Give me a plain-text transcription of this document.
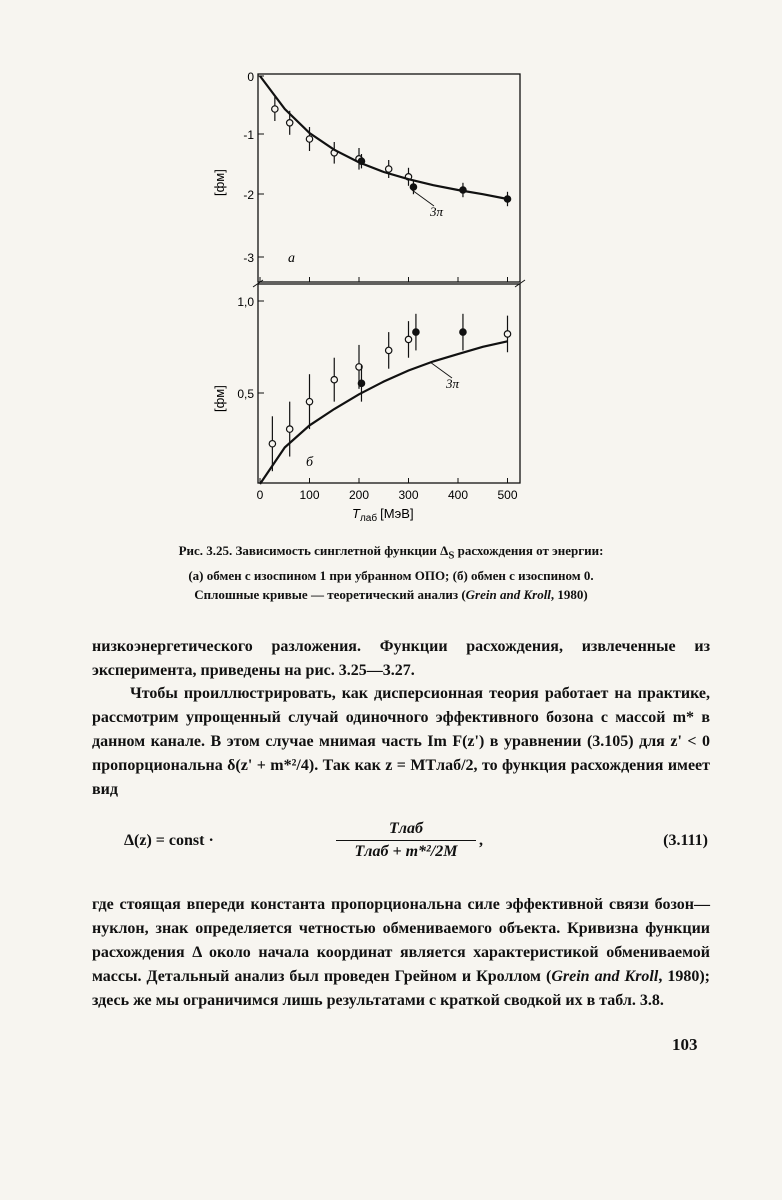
0
-1
-2
-3
1,0
0,5
0	100 200 300 400 500
a
б
3π
3π
[фм]
[фм]
$T_{лаб}$ [МэВ]
Рис. 3.25. Зависимость синглетной функции $\Delta_S$ расхождения от энергии:
(а) обмен с изоспином 1 при убранном ОПО; (б) обмен с изоспином 0.
Сплошные кривые — теоретический анализ (Grein and Kroll, 1980)
низкоэнергетического разложения. Функции расхождения, извлеченные из эксперимента, приведены на рис. 3.25—3.27.
Чтобы проиллюстрировать, как дисперсионная теория работает на практике, рассмотрим упрощенный случай одиночного эффективного бозона с массой m* в данном канале. В этом случае мнимая часть Im F(z') в уравнении (3.105) для z' < 0 пропорциональна δ(z' + m*²/4). Так как z = MTлаб/2, то функция расхождения имеет вид
Δ(z) = const ·
Tлаб
Tлаб + m*²/2M
,	(3.111)
где стоящая впереди константа пропорциональна силе эффективной связи бозон—нуклон, знак определяется четностью обмениваемого объекта. Кривизна функции расхождения Δ около начала координат является характеристикой обмениваемой массы. Детальный анализ был проведен Грейном и Кроллом (Grein and Kroll, 1980); здесь же мы ограничимся лишь результатами с краткой сводкой их в табл. 3.8.
103
